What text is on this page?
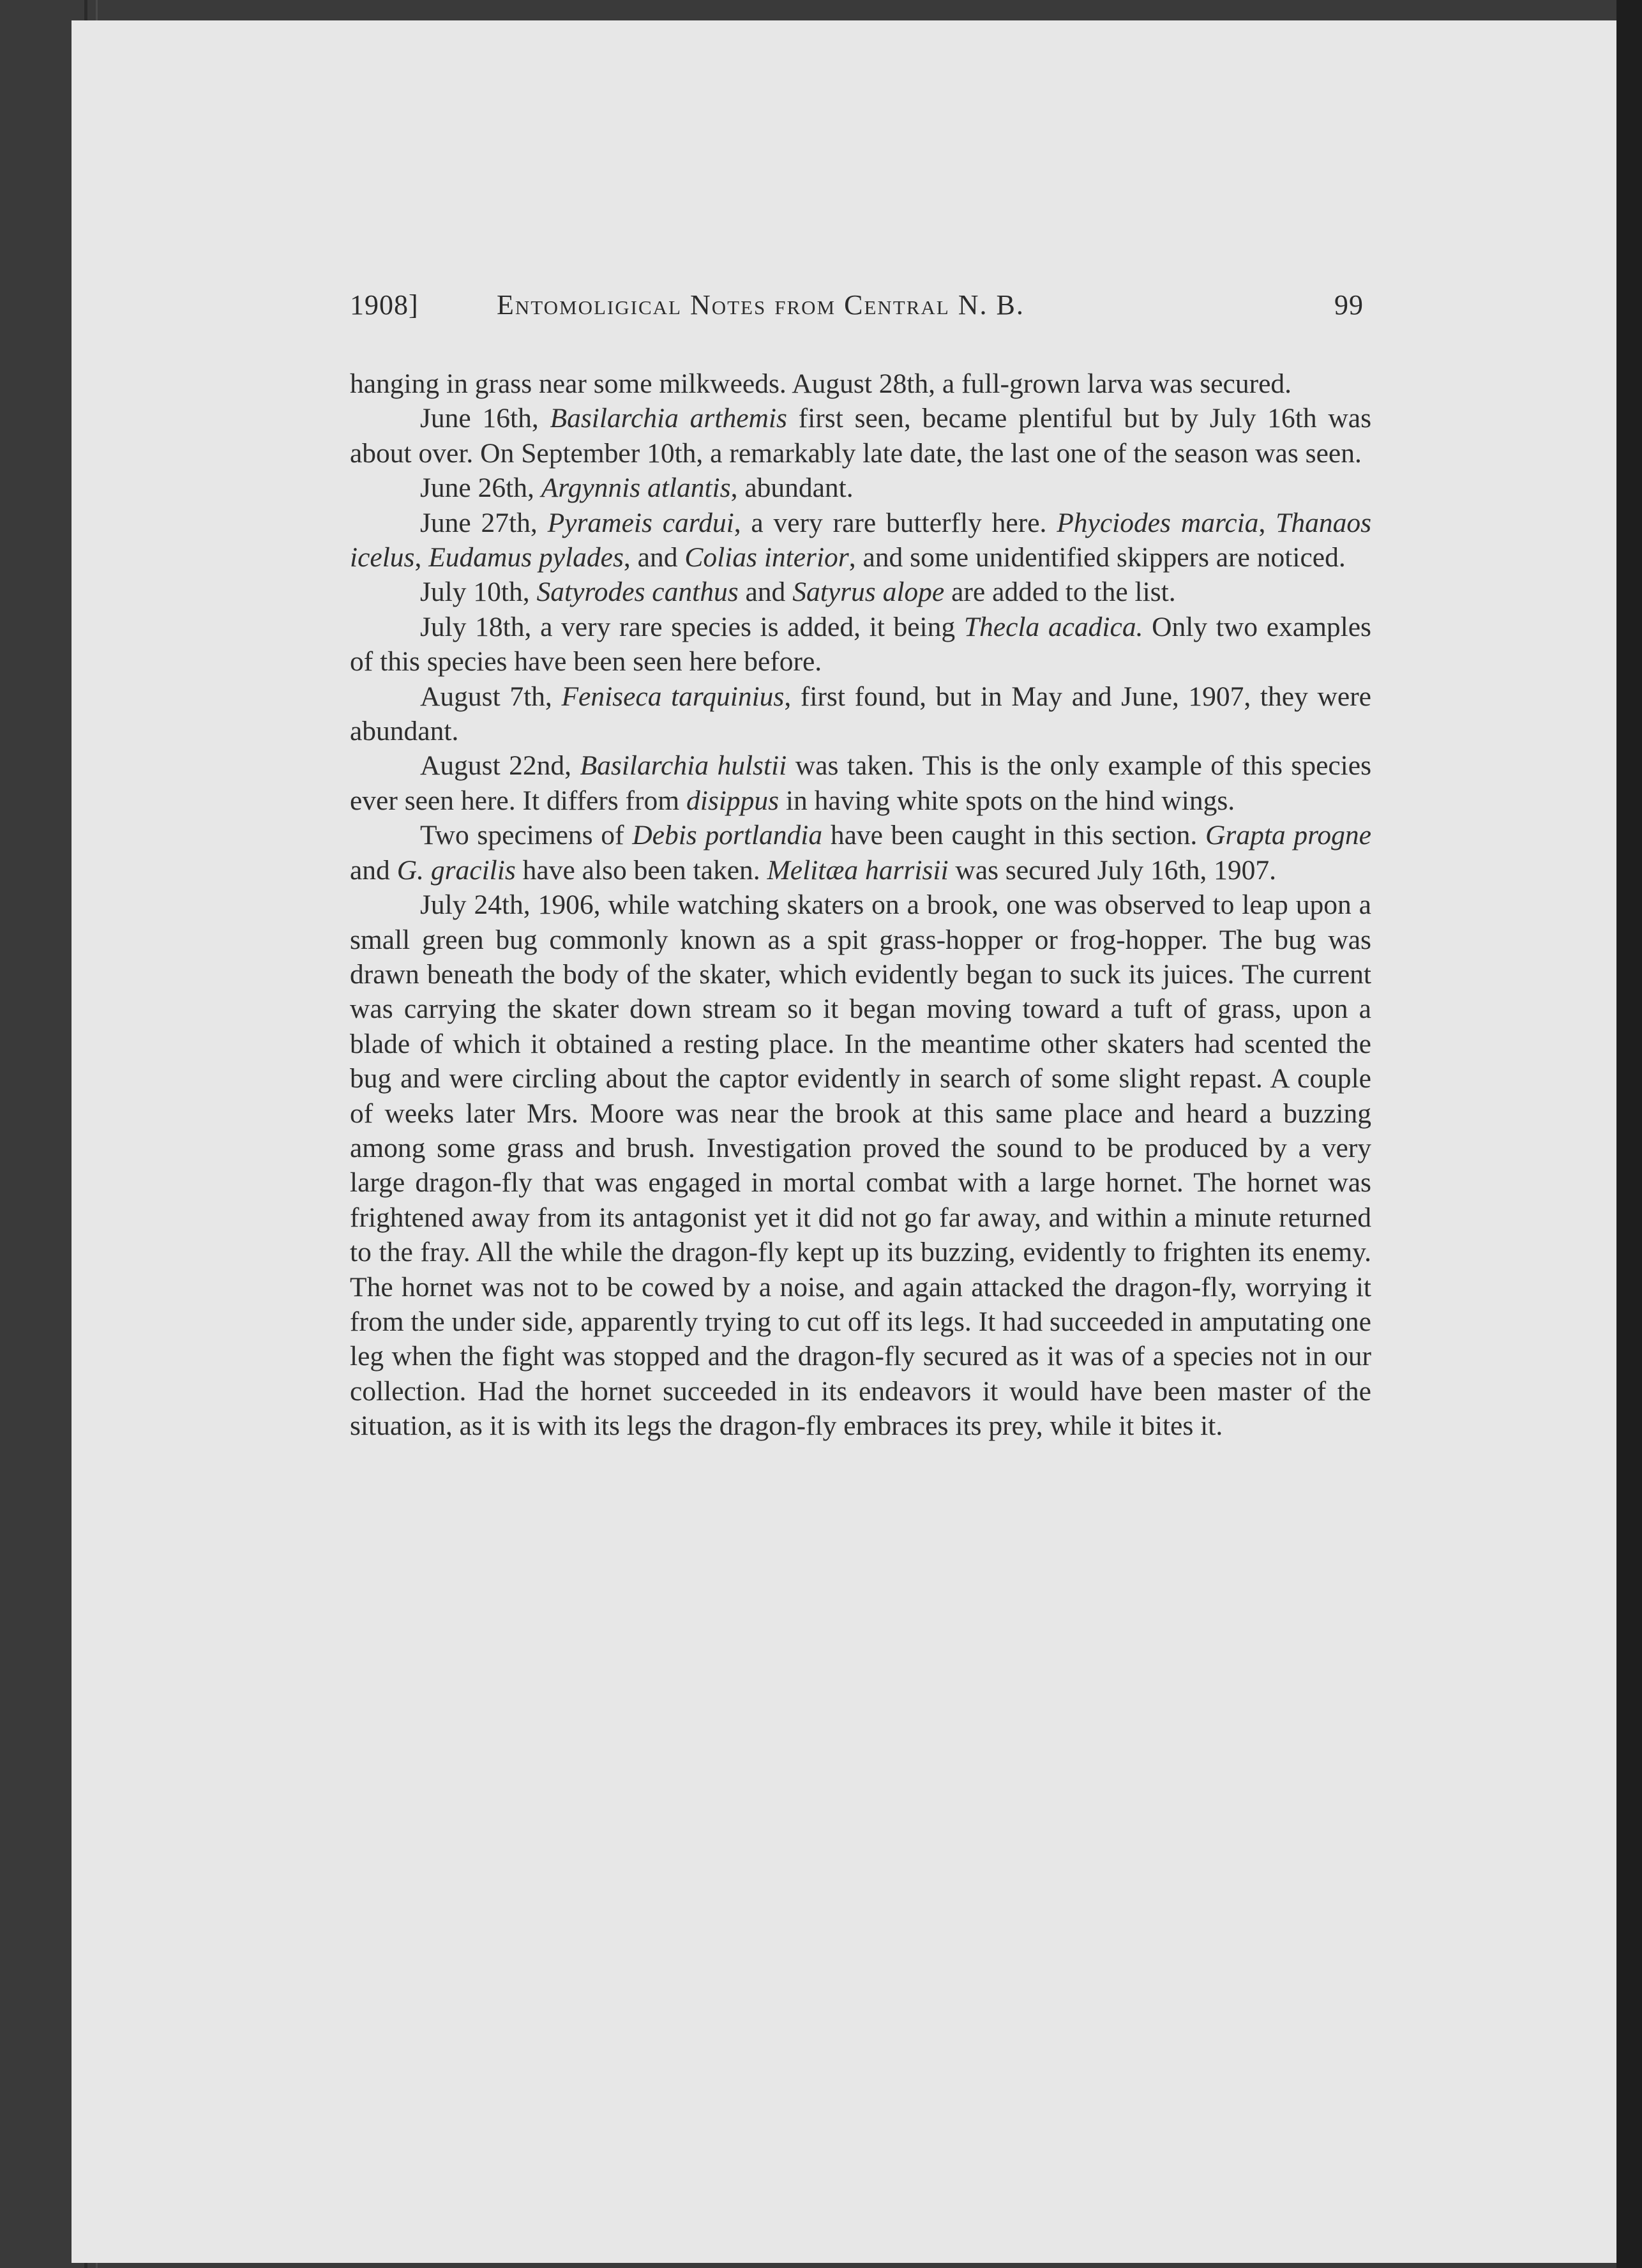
1908]	Entomoligical Notes from Central N. B.	99

hanging in grass near some milkweeds. August 28th, a full-grown larva was secured.

June 16th, Basilarchia arthemis first seen, became plentiful but by July 16th was about over. On September 10th, a remarkably late date, the last one of the season was seen.

June 26th, Argynnis atlantis, abundant.

June 27th, Pyrameis cardui, a very rare butterfly here. Phyciodes marcia, Thanaos icelus, Eudamus pylades, and Colias interior, and some unidentified skippers are noticed.

July 10th, Satyrodes canthus and Satyrus alope are added to the list.

July 18th, a very rare species is added, it being Thecla acadica. Only two examples of this species have been seen here before.

August 7th, Feniseca tarquinius, first found, but in May and June, 1907, they were abundant.

August 22nd, Basilarchia hulstii was taken. This is the only example of this species ever seen here. It differs from disippus in having white spots on the hind wings.

Two specimens of Debis portlandia have been caught in this section. Grapta progne and G. gracilis have also been taken. Melitæa harrisii was secured July 16th, 1907.

July 24th, 1906, while watching skaters on a brook, one was observed to leap upon a small green bug commonly known as a spit grass-hopper or frog-hopper. The bug was drawn beneath the body of the skater, which evidently began to suck its juices. The current was carrying the skater down stream so it began moving toward a tuft of grass, upon a blade of which it obtained a resting place. In the meantime other skaters had scented the bug and were circling about the captor evidently in search of some slight repast. A couple of weeks later Mrs. Moore was near the brook at this same place and heard a buzzing among some grass and brush. Investigation proved the sound to be produced by a very large dragon-fly that was engaged in mortal combat with a large hornet. The hornet was frightened away from its antagonist yet it did not go far away, and within a minute returned to the fray. All the while the dragon-fly kept up its buzzing, evidently to frighten its enemy. The hornet was not to be cowed by a noise, and again attacked the dragon-fly, worrying it from the under side, apparently trying to cut off its legs. It had succeeded in amputating one leg when the fight was stopped and the dragon-fly secured as it was of a species not in our collection. Had the hornet succeeded in its endeavors it would have been master of the situation, as it is with its legs the dragon-fly embraces its prey, while it bites it.
